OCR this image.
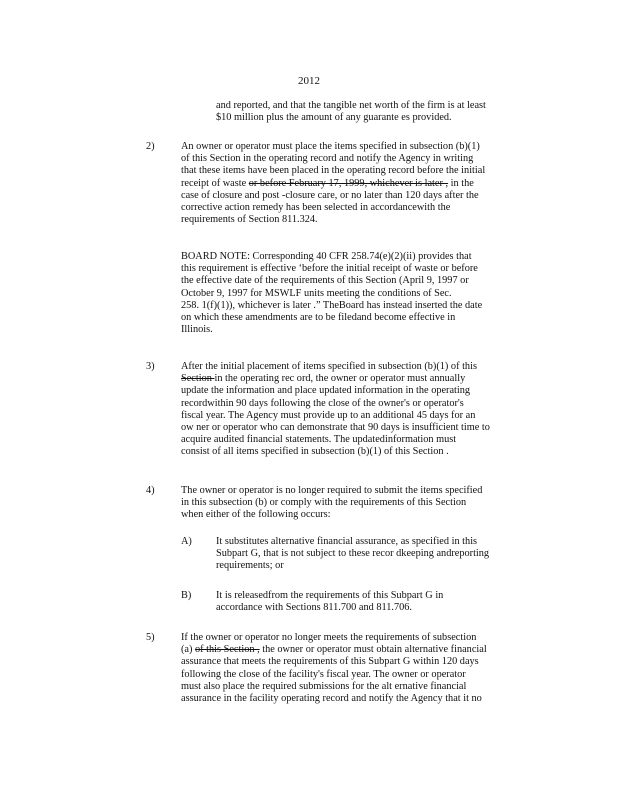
2012
and reported, and that the tangible net worth of the firm is at least
$10 million plus the amount of any guarante es provided.
2)	An owner or operator must place the items specified in subsection (b)(1)
of this Section in the operating record and notify the Agency in writing
that these items have been placed in the operating record before the initial
receipt of waste or before February 17, 1999, whichever is later , in the
case of closure and post -closure care, or no later than 120 days after the
corrective action remedy has been selected in accordancewith the
requirements of Section 811.324.
BOARD NOTE: Corresponding 40 CFR 258.74(e)(2)(ii) provides that
this requirement is effective ‘before the initial receipt of waste or before
the effective date of the requirements of this Section (April 9, 1997 or
October 9, 1997 for MSWLF units meeting the conditions of Sec.
258. 1(f)(1)), whichever is later .” TheBoard has instead inserted the date
on which these amendments are to be filedand become effective in
Illinois.
3)	After the initial placement of items specified in subsection (b)(1) of this
Section in the operating rec ord, the owner or operator must annually
update the information and place updated information in the operating
recordwithin 90 days following the close of the owner's or operator's
fiscal year. The Agency must provide up to an additional 45 days for an
ow ner or operator who can demonstrate that 90 days is insufficient time to
acquire audited financial statements. The updatedinformation must
consist of all items specified in subsection (b)(1) of this Section .
4)	The owner or operator is no longer required to submit the items specified
in this subsection (b) or comply with the requirements of this Section
when either of the following occurs:
A) It substitutes alternative financial assurance, as specified in this
Subpart G, that is not subject to these recor dkeeping andreporting
requirements; or
B) It is releasedfrom the requirements of this Subpart G in
accordance with Sections 811.700 and 811.706.
5)	If the owner or operator no longer meets the requirements of subsection
(a) of this Section , the owner or operator must obtain alternative financial
assurance that meets the requirements of this Subpart G within 120 days
following the close of the facility's fiscal year. The owner or operator
must also place the required submissions for the alt ernative financial
assurance in the facility operating record and notify the Agency that it no
